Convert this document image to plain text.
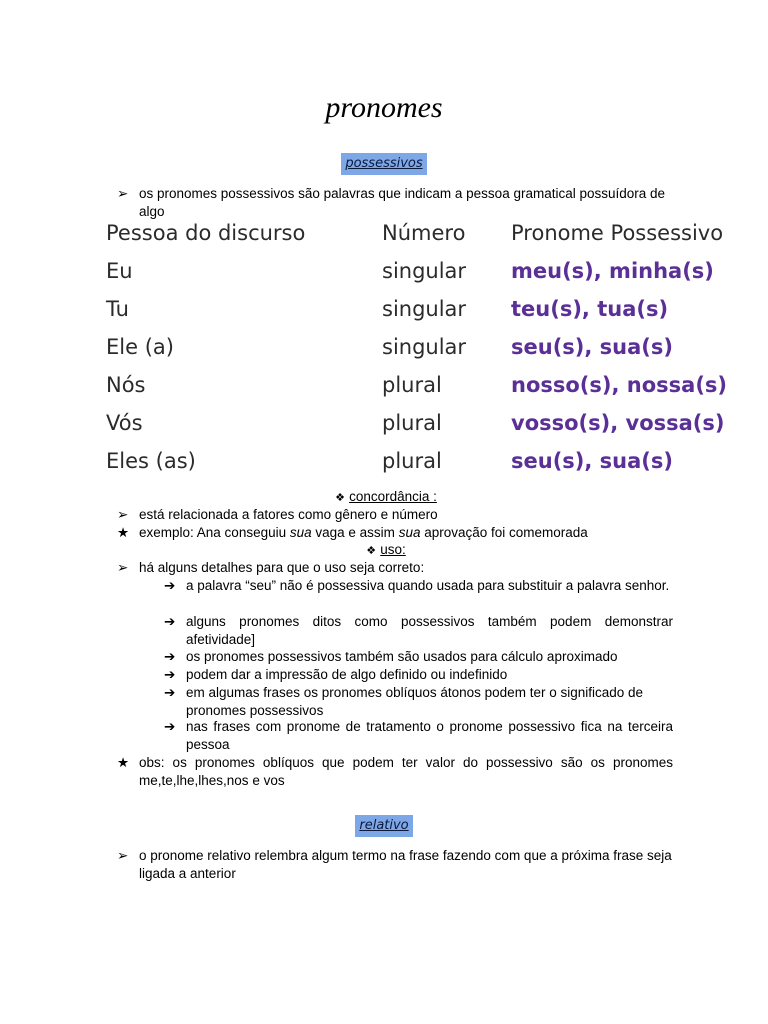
pronomes
possessivos
➢ os pronomes possessivos são palavras que indicam a pessoa gramatical possuídora de algo
Pessoa do discurso	Número	Pronome Possessivo
Eu	singular	meu(s), minha(s)
Tu	singular	teu(s), tua(s)
Ele (a)	singular	seu(s), sua(s)
Nós	plural	nosso(s), nossa(s)
Vós	plural	vosso(s), vossa(s)
Eles (as)	plural	seu(s), sua(s)
❖ concordância :
➢ está relacionada a fatores como gênero e número
★ exemplo: Ana conseguiu sua vaga e assim sua aprovação foi comemorada
❖ uso:
➢ há alguns detalhes para que o uso seja correto:
➔ a palavra “seu” não é possessiva quando usada para substituir a palavra senhor.
➔ alguns pronomes ditos como possessivos também podem demonstrar afetividade]
➔ os pronomes possessivos também são usados para cálculo aproximado
➔ podem dar a impressão de algo definido ou indefinido
➔ em algumas frases os pronomes oblíquos átonos podem ter o significado de pronomes possessivos
➔ nas frases com pronome de tratamento o pronome possessivo fica na terceira pessoa
★ obs: os pronomes oblíquos que podem ter valor do possessivo são os pronomes me,te,lhe,lhes,nos e vos
relativo
➢ o pronome relativo relembra algum termo na frase fazendo com que a próxima frase seja ligada a anterior
